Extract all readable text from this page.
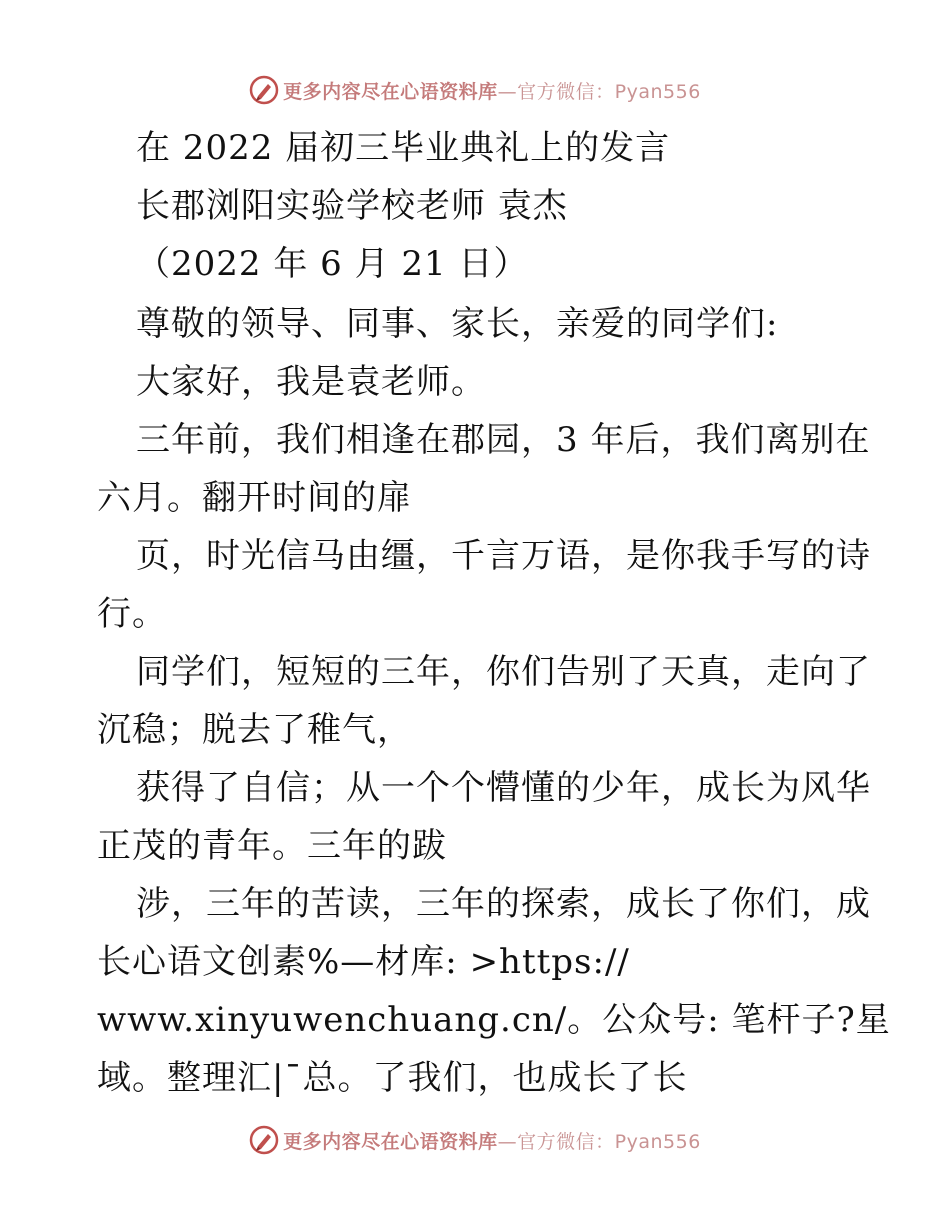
更多内容尽在心语资料库—官方微信：Pyan556
在 2022 届初三毕业典礼上的发言
长郡浏阳实验学校老师 袁杰
（2022 年 6 月 21 日）
尊敬的领导、同事、家长，亲爱的同学们:
大家好，我是袁老师。
三年前，我们相逢在郡园，3 年后，我们离别在
六月。翻开时间的扉
页，时光信马由缰，千言万语，是你我手写的诗
行。
同学们，短短的三年，你们告别了天真，走向了
沉稳；脱去了稚气，
获得了自信；从一个个懵懂的少年，成长为风华
正茂的青年。三年的跋
涉，三年的苦读，三年的探索，成长了你们，成
长心语文创素%—材库: >https://
www.xinyuwenchuang.cn/。公众号: 笔杆子?星
域。整理汇|¯总。了我们，也成长了长
更多内容尽在心语资料库—官方微信：Pyan556
